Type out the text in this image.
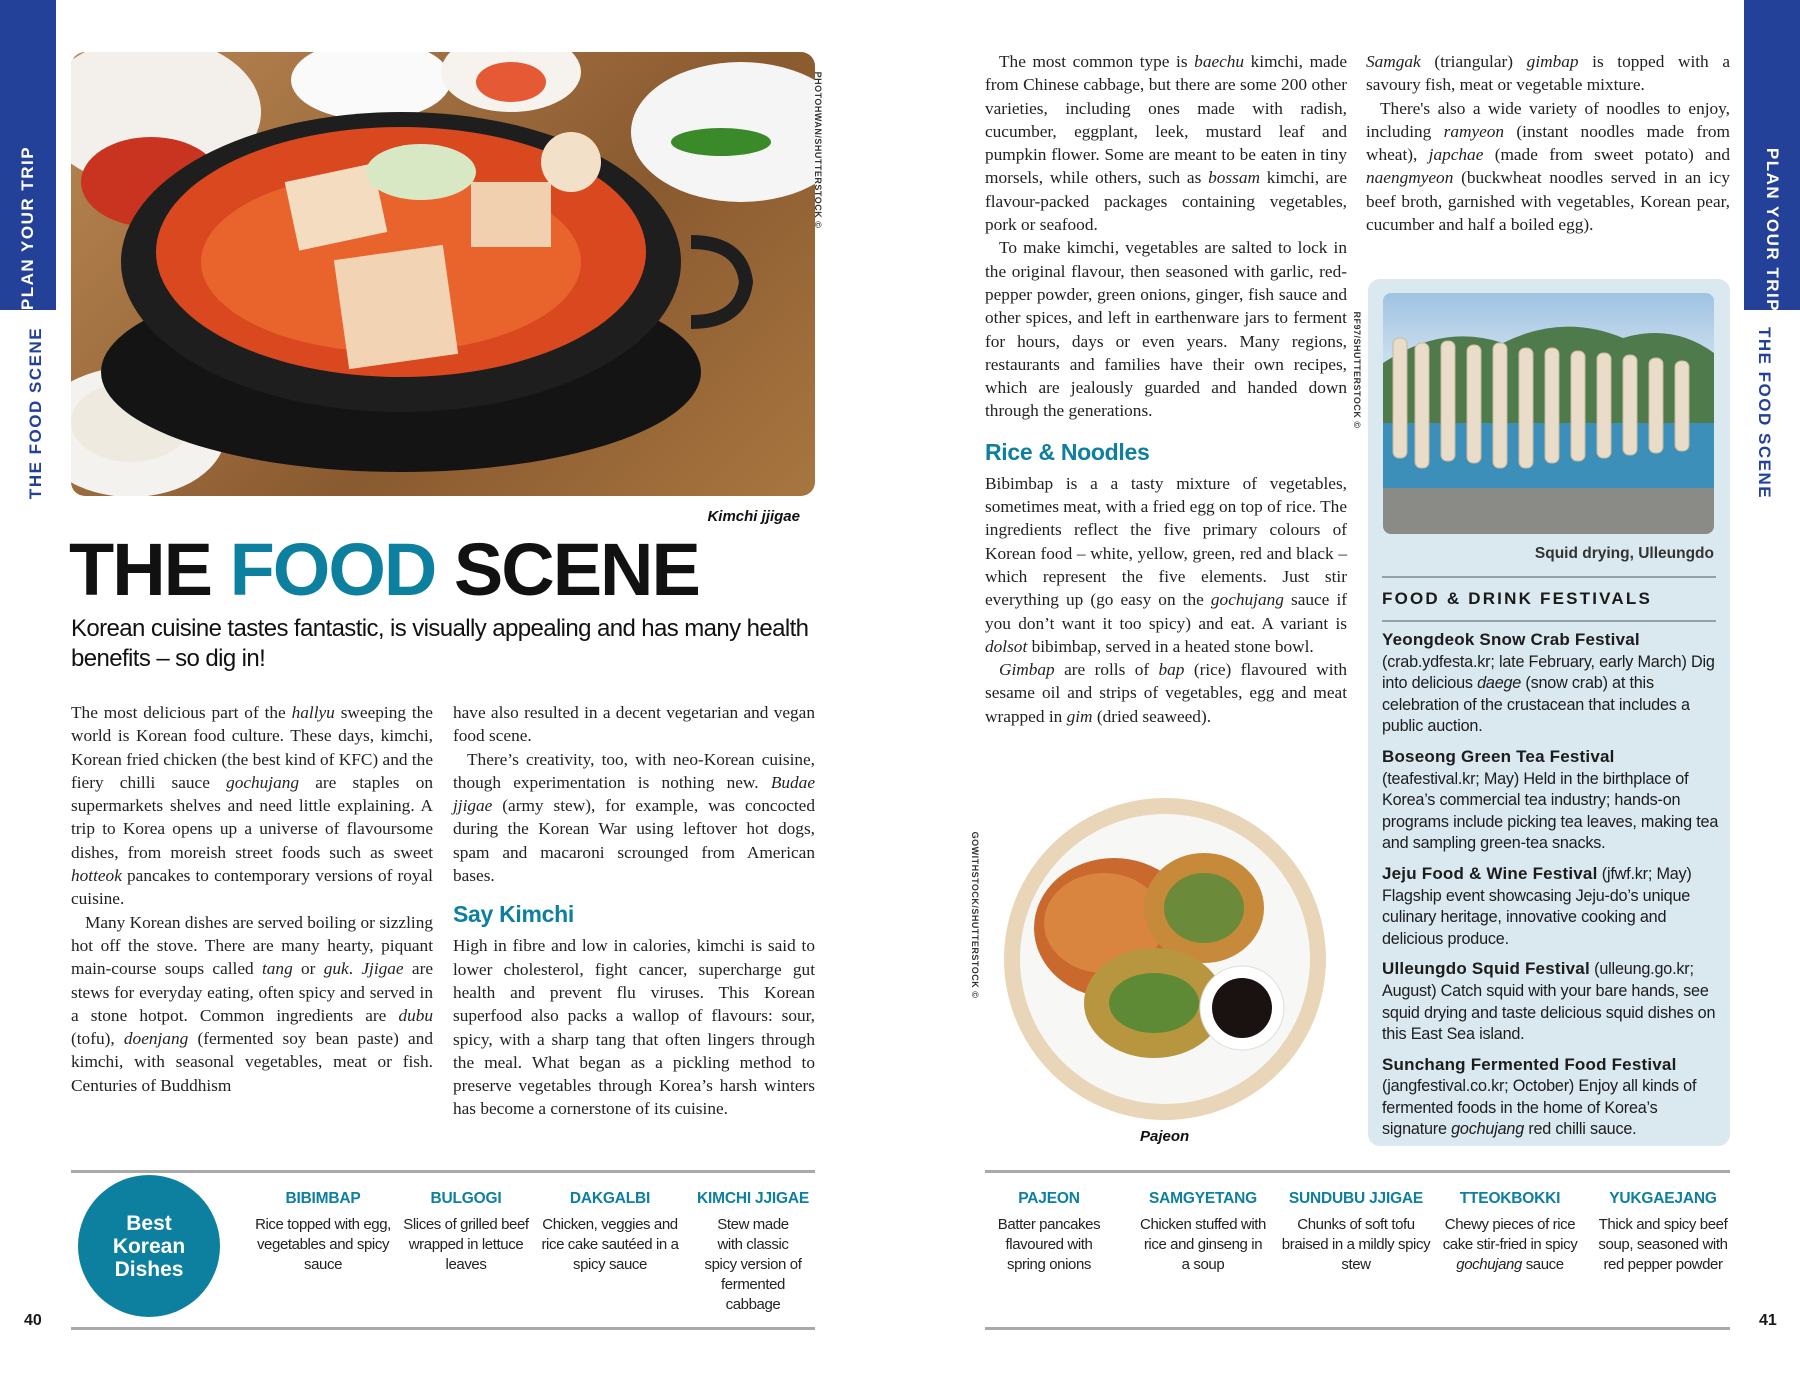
PLAN YOUR TRIP
THE FOOD SCENE
PLAN YOUR TRIP
THE FOOD SCENE
PHOTOHWAN/SHUTTERSTOCK ©
Kimchi jjigae
THE FOOD SCENE
Korean cuisine tastes fantastic, is visually appealing and has many health benefits – so dig in!

The most delicious part of the hallyu sweeping the world is Korean food culture. These days, kimchi, Korean fried chicken (the best kind of KFC) and the fiery chilli sauce gochujang are staples on supermarkets shelves and need little explaining. A trip to Korea opens up a universe of flavoursome dishes, from moreish street foods such as sweet hotteok pancakes to contemporary versions of royal cuisine.

Many Korean dishes are served boiling or sizzling hot off the stove. There are many hearty, piquant main-course soups called tang or guk. Jjigae are stews for everyday eating, often spicy and served in a stone hotpot. Common ingredients are dubu (tofu), doenjang (fermented soy bean paste) and kimchi, with seasonal vegetables, meat or fish. Centuries of Buddhism

have also resulted in a decent vegetarian and vegan food scene.

There’s creativity, too, with neo-Korean cuisine, though experimentation is nothing new. Budae jjigae (army stew), for example, was concocted during the Korean War using leftover hot dogs, spam and macaroni scrounged from American bases.

Say Kimchi

High in fibre and low in calories, kimchi is said to lower cholesterol, fight cancer, supercharge gut health and prevent flu viruses. This Korean superfood also packs a wallop of flavours: sour, spicy, with a sharp tang that often lingers through the meal. What began as a pickling method to preserve vegetables through Korea’s harsh winters has become a cornerstone of its cuisine.

Best Korean Dishes
BIBIMBAP
Rice topped with egg, vegetables and spicy sauce
BULGOGI
Slices of grilled beef wrapped in lettuce leaves
DAKGALBI
Chicken, veggies and rice cake sautéed in a spicy sauce
KIMCHI JJIGAE
Stew made with classic spicy version of fermented cabbage
40

The most common type is baechu kimchi, made from Chinese cabbage, but there are some 200 other varieties, including ones made with radish, cucumber, eggplant, leek, mustard leaf and pumpkin flower. Some are meant to be eaten in tiny morsels, while others, such as bossam kimchi, are flavour-packed packages containing vegetables, pork or seafood.

To make kimchi, vegetables are salted to lock in the original flavour, then seasoned with garlic, red-pepper powder, green onions, ginger, fish sauce and other spices, and left in earthenware jars to ferment for hours, days or even years. Many regions, restaurants and families have their own recipes, which are jealously guarded and handed down through the generations.

Rice & Noodles

Bibimbap is a a tasty mixture of vegetables, sometimes meat, with a fried egg on top of rice. The ingredients reflect the five primary colours of Korean food – white, yellow, green, red and black – which represent the five elements. Just stir everything up (go easy on the gochujang sauce if you don’t want it too spicy) and eat. A variant is dolsot bibimbap, served in a heated stone bowl.

Gimbap are rolls of bap (rice) flavoured with sesame oil and strips of vegetables, egg and meat wrapped in gim (dried seaweed).

RF97/SHUTTERSTOCK ©
GOWITHSTOCK/SHUTTERSTOCK ©
Pajeon

Samgak (triangular) gimbap is topped with a savoury fish, meat or vegetable mixture.

There's also a wide variety of noodles to enjoy, including ramyeon (instant noodles made from wheat), japchae (made from sweet potato) and naengmyeon (buckwheat noodles served in an icy beef broth, garnished with vegetables, Korean pear, cucumber and half a boiled egg).

Squid drying, Ulleungdo
FOOD & DRINK FESTIVALS
Yeongdeok Snow Crab Festival
(crab.ydfesta.kr; late February, early March) Dig into delicious daege (snow crab) at this celebration of the crustacean that includes a public auction.
Boseong Green Tea Festival
(teafestival.kr; May) Held in the birthplace of Korea’s commercial tea industry; hands-on programs include picking tea leaves, making tea and sampling green-tea snacks.
Jeju Food & Wine Festival (jfwf.kr; May) Flagship event showcasing Jeju-do’s unique culinary heritage, innovative cooking and delicious produce.
Ulleungdo Squid Festival (ulleung.go.kr; August) Catch squid with your bare hands, see squid drying and taste delicious squid dishes on this East Sea island.
Sunchang Fermented Food Festival
(jangfestival.co.kr; October) Enjoy all kinds of fermented foods in the home of Korea’s signature gochujang red chilli sauce.
PAJEON
Batter pancakes flavoured with spring onions
SAMGYETANG
Chicken stuffed with rice and ginseng in a soup
SUNDUBU JJIGAE
Chunks of soft tofu braised in a mildly spicy stew
TTEOKBOKKI
Chewy pieces of rice cake stir-fried in spicy gochujang sauce
YUKGAEJANG
Thick and spicy beef soup, seasoned with red pepper powder
41
